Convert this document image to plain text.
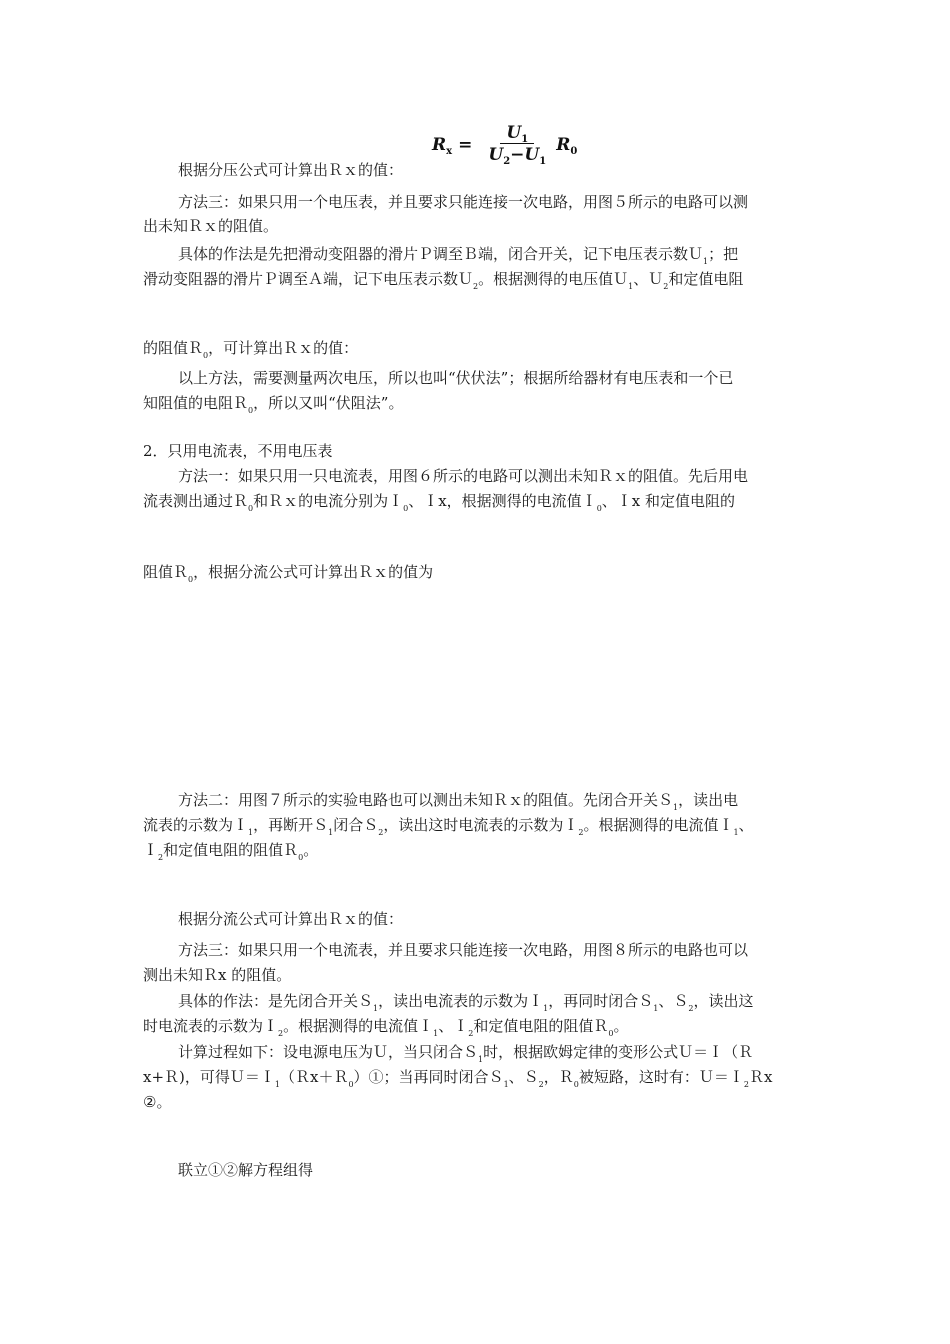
$R_x = \frac{U_1}{U_2-U_1} R_0$
根据分压公式可计算出Ｒｘ的值：
方法三：如果只用一个电压表，并且要求只能连接一次电路，用图５所示的电路可以测
出未知Ｒｘ的阻值。
具体的作法是先把滑动变阻器的滑片Ｐ调至Ｂ端，闭合开关，记下电压表示数Ｕ$_1$；把
滑动变阻器的滑片Ｐ调至Ａ端，记下电压表示数Ｕ$_2$。根据测得的电压值Ｕ$_1$、Ｕ$_2$和定值电阻
的阻值Ｒ$_0$，可计算出Ｒｘ的值：
以上方法，需要测量两次电压，所以也叫“伏伏法”；根据所给器材有电压表和一个已
知阻值的电阻Ｒ$_0$，所以又叫“伏阻法”。
2．只用电流表，不用电压表
方法一：如果只用一只电流表，用图６所示的电路可以测出未知Ｒｘ的阻值。先后用电
流表测出通过Ｒ$_0$和Ｒｘ的电流分别为Ｉ$_0$、Ｉx，根据测得的电流值Ｉ$_0$、Ｉx 和定值电阻的
阻值Ｒ$_0$，根据分流公式可计算出Ｒｘ的值为
方法二：用图７所示的实验电路也可以测出未知Ｒｘ的阻值。先闭合开关Ｓ$_1$，读出电
流表的示数为Ｉ$_1$，再断开Ｓ$_1$闭合Ｓ$_2$，读出这时电流表的示数为Ｉ$_2$。根据测得的电流值Ｉ$_1$、
Ｉ$_2$和定值电阻的阻值Ｒ$_0$。
根据分流公式可计算出Ｒｘ的值：
方法三：如果只用一个电流表，并且要求只能连接一次电路，用图８所示的电路也可以
测出未知Ｒx 的阻值。
具体的作法：是先闭合开关Ｓ$_1$，读出电流表的示数为Ｉ$_1$，再同时闭合Ｓ$_1$、Ｓ$_2$，读出这
时电流表的示数为Ｉ$_2$。根据测得的电流值Ｉ$_1$、Ｉ$_2$和定值电阻的阻值Ｒ$_0$。
计算过程如下：设电源电压为Ｕ，当只闭合Ｓ$_1$时，根据欧姆定律的变形公式Ｕ＝Ｉ（Ｒ
x+Ｒ)，可得Ｕ＝Ｉ$_1$（Ｒx＋Ｒ$_0$）①；当再同时闭合Ｓ$_1$、Ｓ$_2$，Ｒ$_0$被短路，这时有：Ｕ＝Ｉ$_2$Ｒx
②。
联立①②解方程组得
